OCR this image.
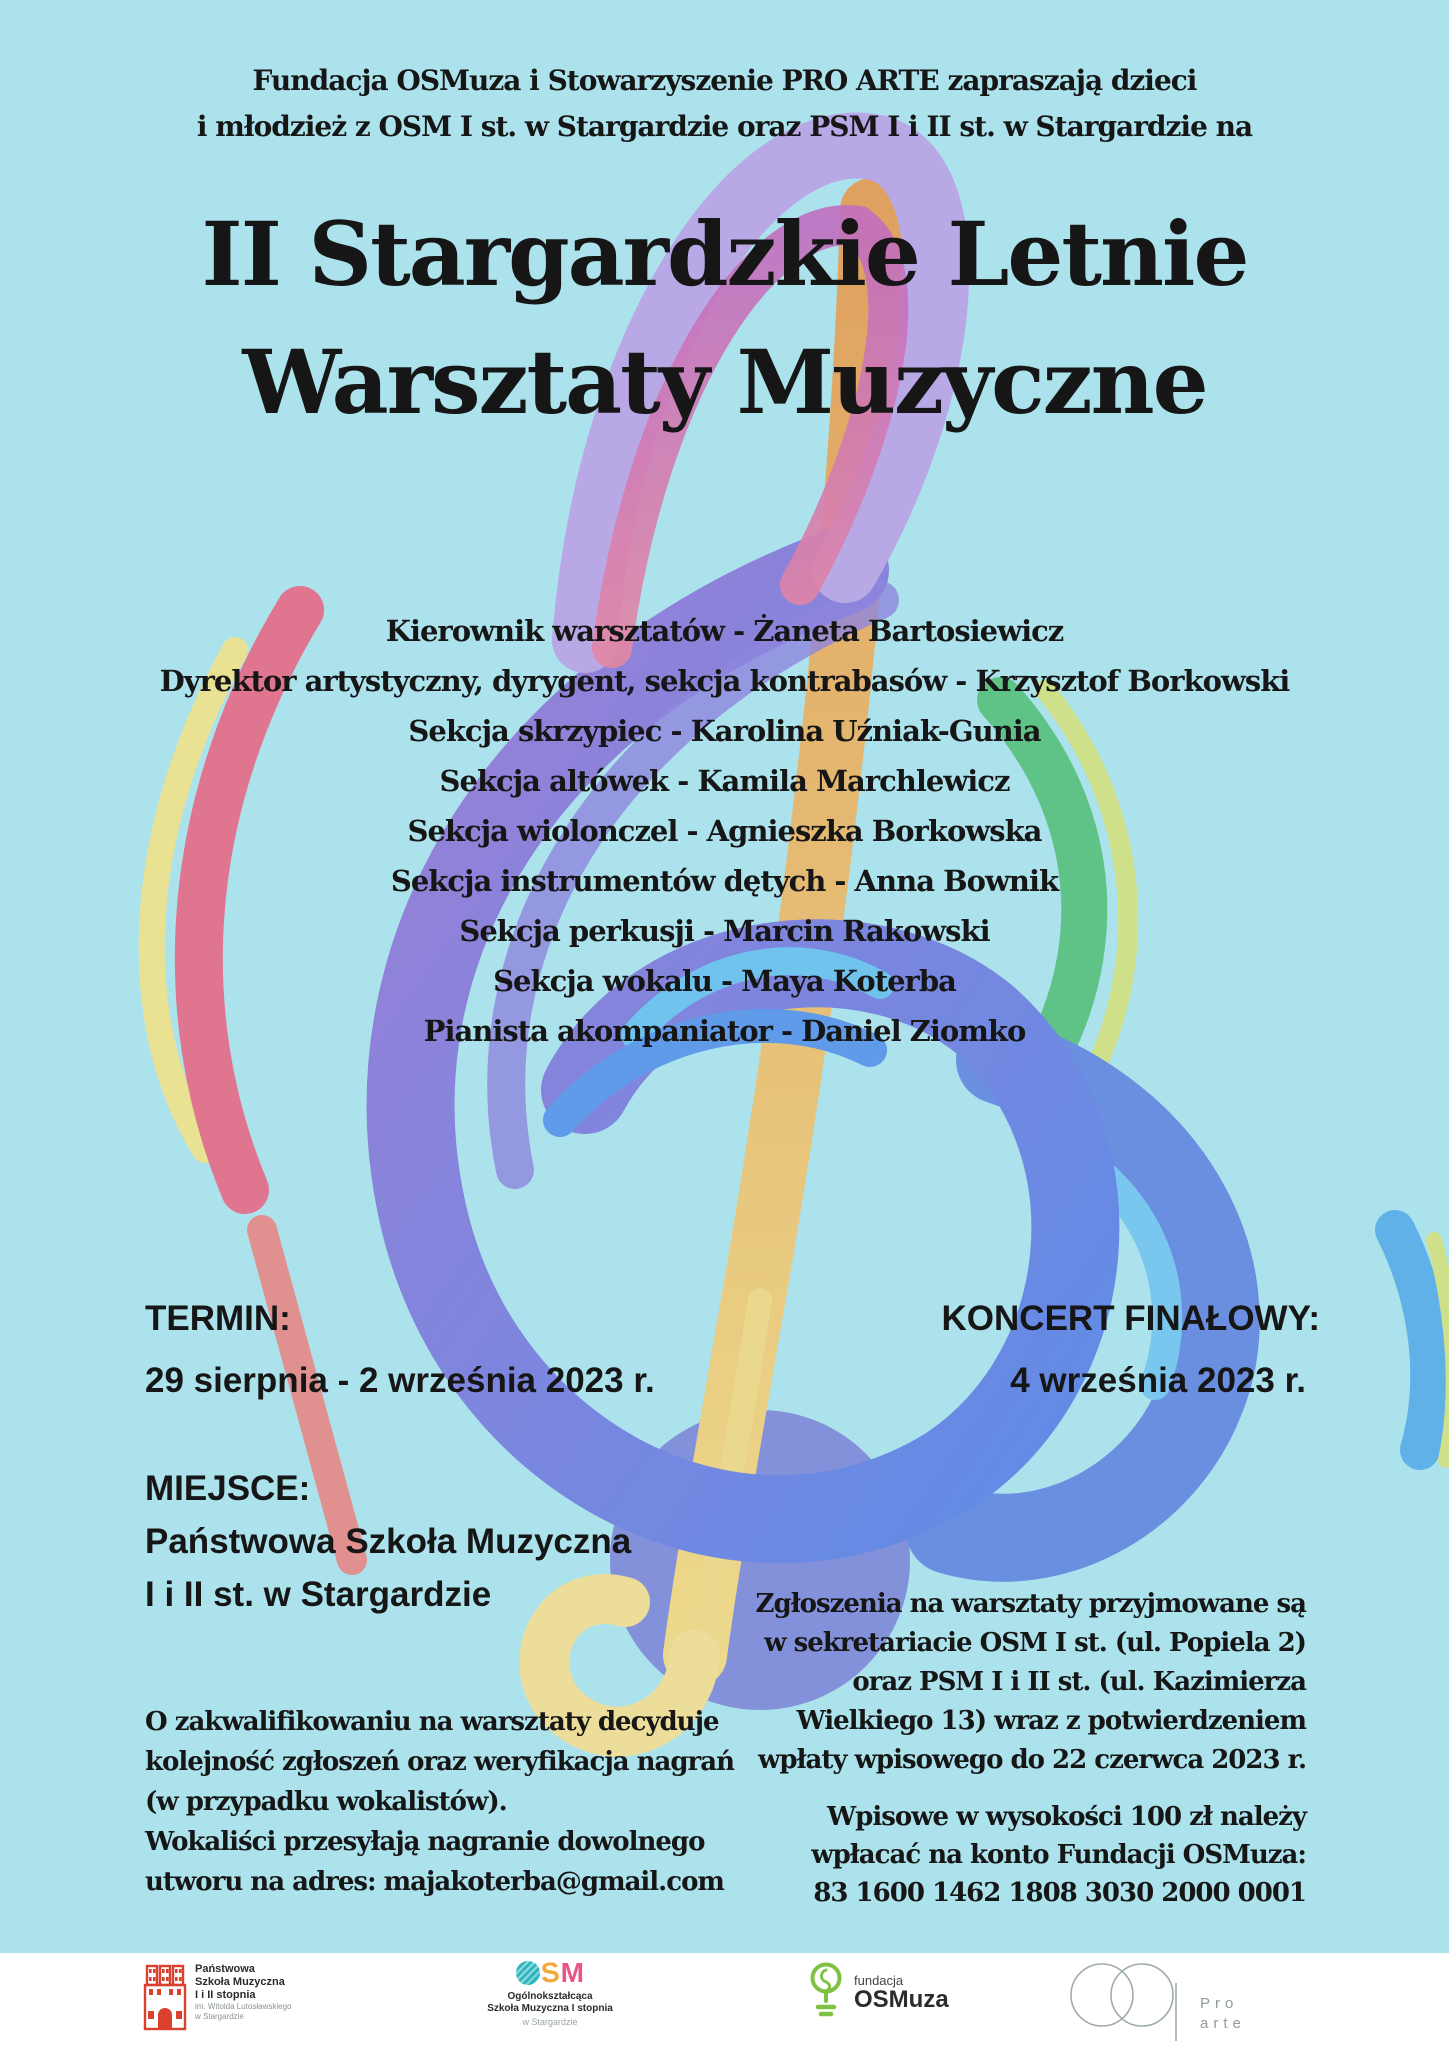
Fundacja OSMuza i Stowarzyszenie PRO ARTE zapraszają dzieci
i młodzież z OSM I st. w Stargardzie oraz PSM I i II st. w Stargardzie na
II Stargardzkie Letnie
Warsztaty Muzyczne
Kierownik warsztatów - Żaneta Bartosiewicz
Dyrektor artystyczny, dyrygent, sekcja kontrabasów - Krzysztof Borkowski
Sekcja skrzypiec - Karolina Uźniak-Gunia
Sekcja altówek - Kamila Marchlewicz
Sekcja wiolonczel - Agnieszka Borkowska
Sekcja instrumentów dętych - Anna Bownik
Sekcja perkusji - Marcin Rakowski
Sekcja wokalu - Maya Koterba
Pianista akompaniator - Daniel Ziomko
TERMIN:
29 sierpnia - 2 września 2023 r.
KONCERT FINAŁOWY:
4 września 2023 r.
MIEJSCE:
Państwowa Szkoła Muzyczna
I i II st. w Stargardzie	Zgłoszenia na warsztaty przyjmowane są
w sekretariacie OSM I st. (ul. Popiela 2)
oraz PSM I i II st. (ul. Kazimierza
Wielkiego 13) wraz z potwierdzeniem
wpłaty wpisowego do 22 czerwca 2023 r.
O zakwalifikowaniu na warsztaty decyduje
kolejność zgłoszeń oraz weryfikacja nagrań
(w przypadku wokalistów).
Wokaliści przesyłają nagranie dowolnego
utworu na adres: majakoterba@gmail.com
Wpisowe w wysokości 100 zł należy
wpłacać na konto Fundacji OSMuza:
83 1600 1462 1808 3030 2000 0001
Państwowa
Szkoła Muzyczna
I i II stopnia
im. Witolda Lutosławskiego
w Stargardzie
S M
Ogólnokształcąca
Szkoła Muzyczna I stopnia
w Stargardzie
fundacja
OSMuza	Pro
arte
